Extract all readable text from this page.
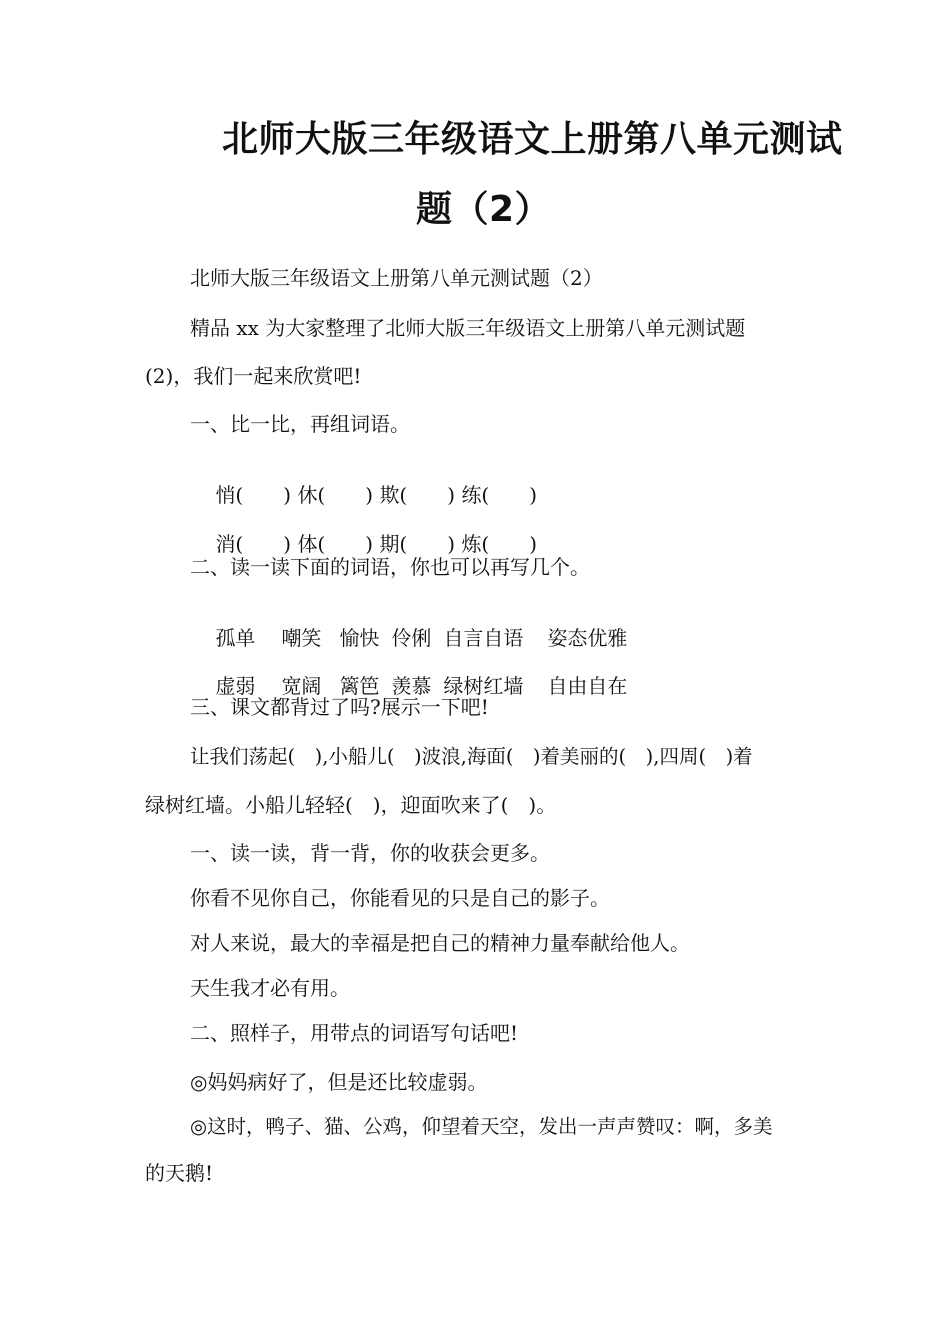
北师大版三年级语文上册第八单元测试
题（2）
北师大版三年级语文上册第八单元测试题（2）
精品 xx 为大家整理了北师大版三年级语文上册第八单元测试题
(2)，我们一起来欣赏吧!
一、比一比，再组词语。

悄(　　) 休(　　) 欺(　　) 练(　　)

消(　　) 体(　　) 期(　　) 炼(　　)

二、读一读下面的词语，你也可以再写几个。

孤单 嘲笑 愉快 伶俐 自言自语 姿态优雅

虚弱 宽阔 篱笆 羡慕 绿树红墙 自由自在

三、课文都背过了吗?展示一下吧!
让我们荡起(　),小船儿(　)波浪,海面(　)着美丽的(　),四周(　)着
绿树红墙。小船儿轻轻(　)，迎面吹来了(　)。
一、读一读，背一背，你的收获会更多。
你看不见你自己，你能看见的只是自己的影子。
对人来说，最大的幸福是把自己的精神力量奉献给他人。
天生我才必有用。
二、照样子，用带点的词语写句话吧!
◎妈妈病好了，但是还比较虚弱。
◎这时，鸭子、猫、公鸡，仰望着天空，发出一声声赞叹：啊，多美
的天鹅!
